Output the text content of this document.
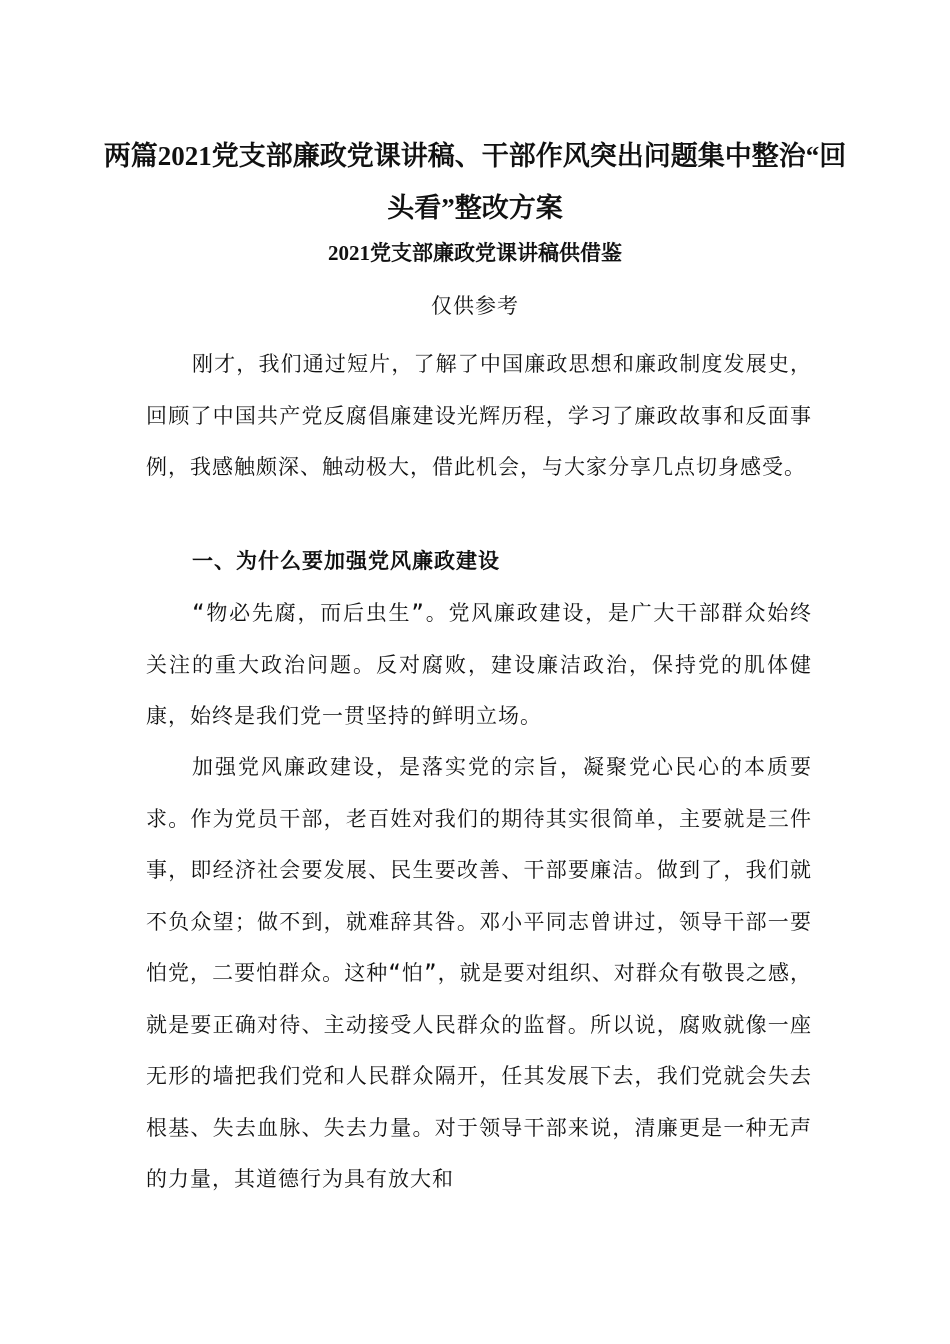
两篇2021党支部廉政党课讲稿、干部作风突出问题集中整治“回头看”整改方案
2021党支部廉政党课讲稿供借鉴

仅供参考

刚才，我们通过短片，了解了中国廉政思想和廉政制度发展史，回顾了中国共产党反腐倡廉建设光辉历程，学习了廉政故事和反面事例，我感触颇深、触动极大，借此机会，与大家分享几点切身感受。

一、为什么要加强党风廉政建设

“物必先腐，而后虫生”。党风廉政建设，是广大干部群众始终关注的重大政治问题。反对腐败，建设廉洁政治，保持党的肌体健康，始终是我们党一贯坚持的鲜明立场。

加强党风廉政建设，是落实党的宗旨，凝聚党心民心的本质要求。作为党员干部，老百姓对我们的期待其实很简单，主要就是三件事，即经济社会要发展、民生要改善、干部要廉洁。做到了，我们就不负众望；做不到，就难辞其咎。邓小平同志曾讲过，领导干部一要怕党，二要怕群众。这种“怕”，就是要对组织、对群众有敬畏之感，就是要正确对待、主动接受人民群众的监督。所以说，腐败就像一座无形的墙把我们党和人民群众隔开，任其发展下去，我们党就会失去根基、失去血脉、失去力量。对于领导干部来说，清廉更是一种无声的力量，其道德行为具有放大和
